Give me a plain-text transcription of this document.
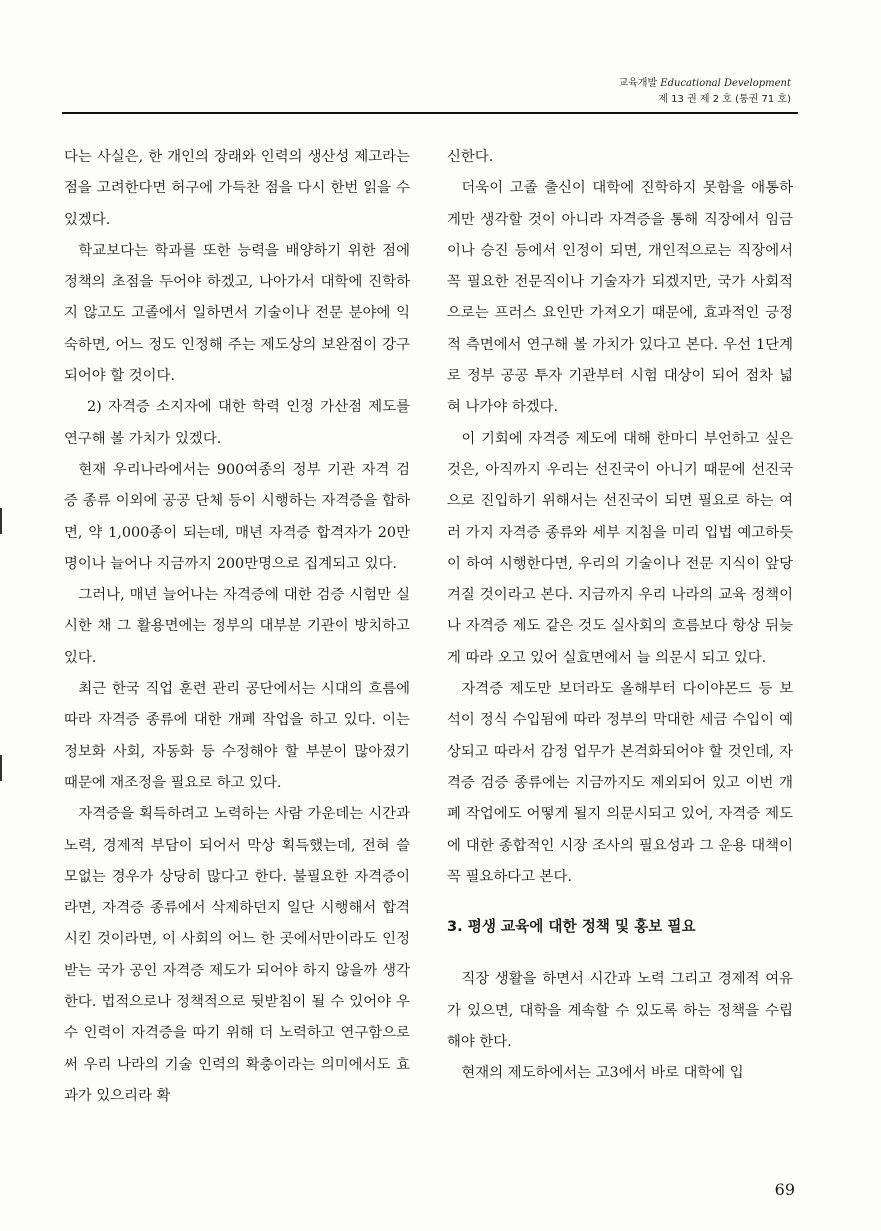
교육개발 Educational Development
제 13 권 제 2 호 (통권 71 호)

다는 사실은, 한 개인의 장래와 인력의 생산성 제고라는 점을 고려한다면 허구에 가득찬 점을 다시 한번 읽을 수 있겠다.

학교보다는 학과를 또한 능력을 배양하기 위한 점에 정책의 초점을 두어야 하겠고, 나아가서 대학에 진학하지 않고도 고졸에서 일하면서 기술이나 전문 분야에 익숙하면, 어느 정도 인정해 주는 제도상의 보완점이 강구되어야 할 것이다.

2) 자격증 소지자에 대한 학력 인정 가산점 제도를 연구해 볼 가치가 있겠다.

현재 우리나라에서는 900여종의 정부 기관 자격 검증 종류 이외에 공공 단체 등이 시행하는 자격증을 합하면, 약 1,000종이 되는데, 매년 자격증 합격자가 20만명이나 늘어나 지금까지 200만명으로 집계되고 있다.

그러나, 매년 늘어나는 자격증에 대한 검증 시험만 실시한 채 그 활용면에는 정부의 대부분 기관이 방치하고 있다.

최근 한국 직업 훈련 관리 공단에서는 시대의 흐름에 따라 자격증 종류에 대한 개폐 작업을 하고 있다. 이는 정보화 사회, 자동화 등 수정해야 할 부분이 많아졌기 때문에 재조정을 필요로 하고 있다.

자격증을 획득하려고 노력하는 사람 가운데는 시간과 노력, 경제적 부담이 되어서 막상 획득했는데, 전혀 쓸모없는 경우가 상당히 많다고 한다. 불필요한 자격증이라면, 자격증 종류에서 삭제하던지 일단 시행해서 합격시킨 것이라면, 이 사회의 어느 한 곳에서만이라도 인정받는 국가 공인 자격증 제도가 되어야 하지 않을까 생각한다. 법적으로나 정책적으로 뒷받침이 될 수 있어야 우수 인력이 자격증을 따기 위해 더 노력하고 연구함으로써 우리 나라의 기술 인력의 확충이라는 의미에서도 효과가 있으리라 확

신한다.

더욱이 고졸 출신이 대학에 진학하지 못함을 애통하게만 생각할 것이 아니라 자격증을 통해 직장에서 임금이나 승진 등에서 인정이 되면, 개인적으로는 직장에서 꼭 필요한 전문직이나 기술자가 되겠지만, 국가 사회적으로는 프러스 요인만 가져오기 때문에, 효과적인 긍정적 측면에서 연구해 볼 가치가 있다고 본다. 우선 1단계로 정부 공공 투자 기관부터 시험 대상이 되어 점차 넓혀 나가야 하겠다.

이 기회에 자격증 제도에 대해 한마디 부언하고 싶은 것은, 아직까지 우리는 선진국이 아니기 때문에 선진국으로 진입하기 위해서는 선진국이 되면 필요로 하는 여러 가지 자격증 종류와 세부 지침을 미리 입법 예고하듯이 하여 시행한다면, 우리의 기술이나 전문 지식이 앞당겨질 것이라고 본다. 지금까지 우리 나라의 교육 정책이나 자격증 제도 같은 것도 실사회의 흐름보다 항상 뒤늦게 따라 오고 있어 실효면에서 늘 의문시 되고 있다.

자격증 제도만 보더라도 올해부터 다이야몬드 등 보석이 정식 수입됨에 따라 정부의 막대한 세금 수입이 예상되고 따라서 감정 업무가 본격화되어야 할 것인데, 자격증 검증 종류에는 지금까지도 제외되어 있고 이번 개폐 작업에도 어떻게 될지 의문시되고 있어, 자격증 제도에 대한 종합적인 시장 조사의 필요성과 그 운용 대책이 꼭 필요하다고 본다.

3. 평생 교육에 대한 정책 및 홍보 필요

직장 생활을 하면서 시간과 노력 그리고 경제적 여유가 있으면, 대학을 계속할 수 있도록 하는 정책을 수립해야 한다.

현재의 제도하에서는 고3에서 바로 대학에 입

69
